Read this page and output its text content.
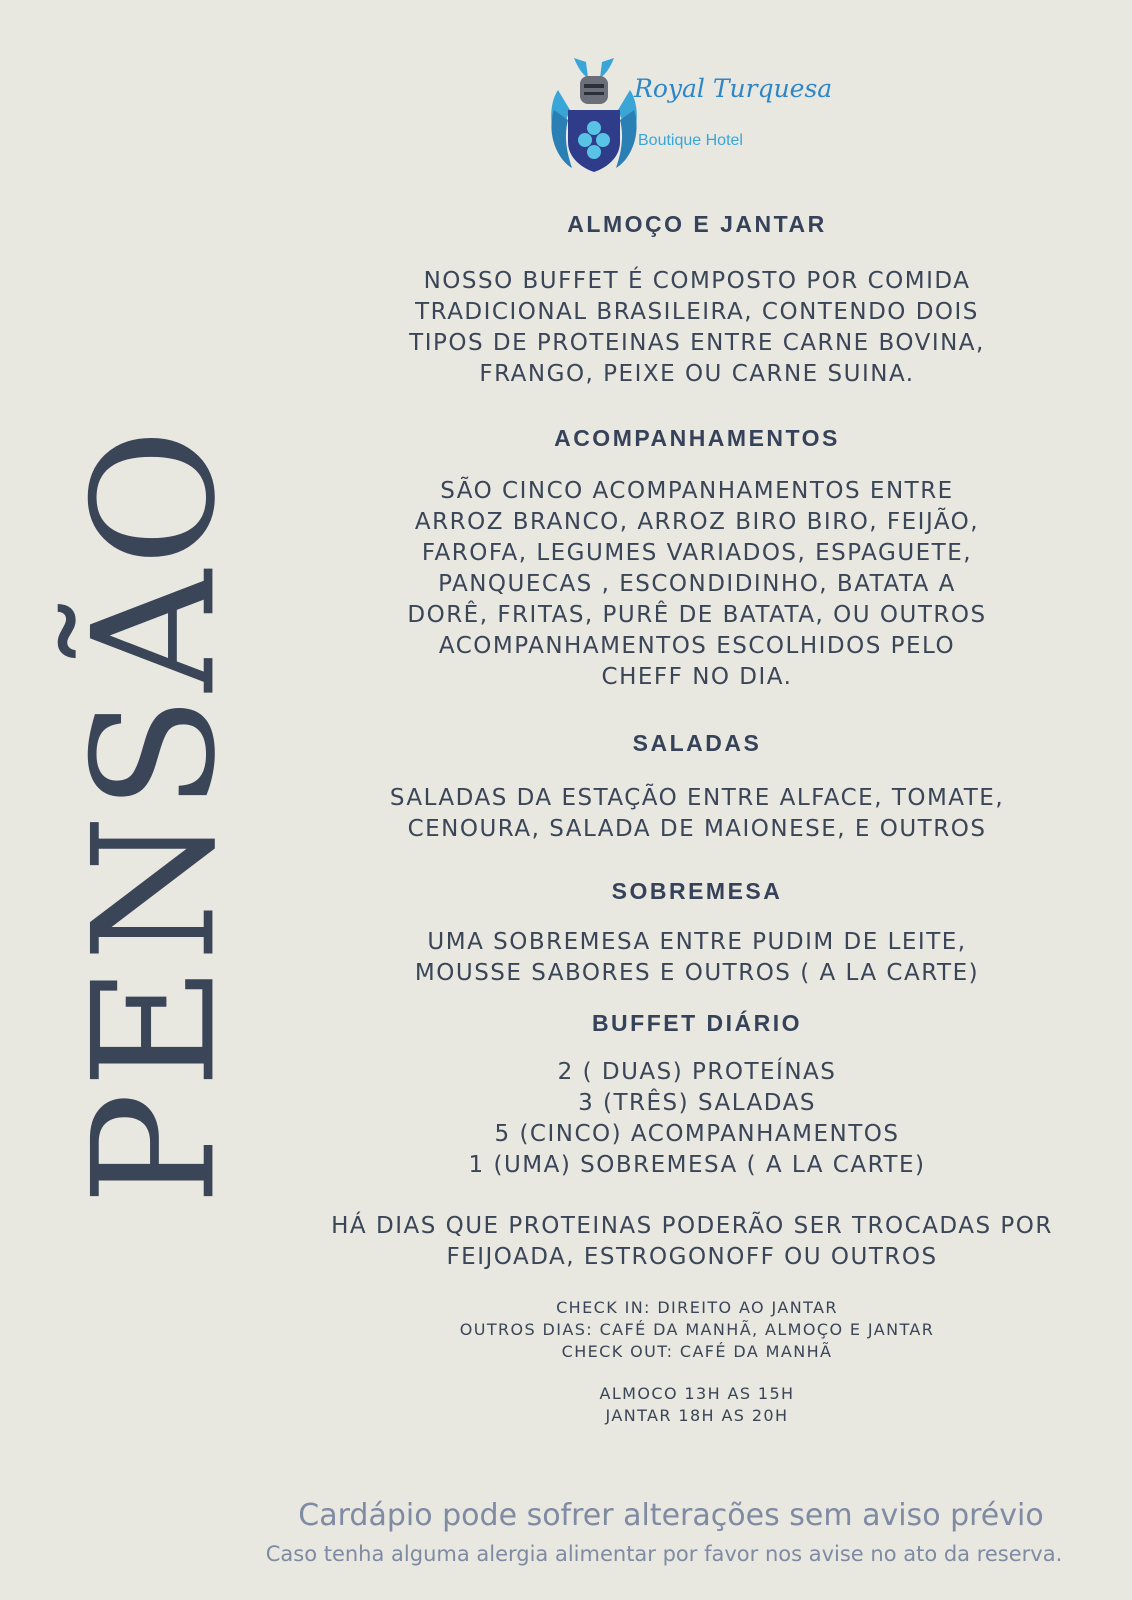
Royal Turquesa
Boutique Hotel
PENSÃO
ALMOÇO E JANTAR

NOSSO BUFFET É COMPOSTO POR COMIDA

TRADICIONAL BRASILEIRA, CONTENDO DOIS

TIPOS DE PROTEINAS ENTRE CARNE BOVINA,

FRANGO, PEIXE OU CARNE SUINA.

ACOMPANHAMENTOS

SÃO CINCO ACOMPANHAMENTOS ENTRE

ARROZ BRANCO, ARROZ BIRO BIRO, FEIJÃO,

FAROFA, LEGUMES VARIADOS, ESPAGUETE,

PANQUECAS , ESCONDIDINHO, BATATA A

DORÊ, FRITAS, PURÊ DE BATATA, OU OUTROS

ACOMPANHAMENTOS ESCOLHIDOS PELO

CHEFF NO DIA.

SALADAS

SALADAS DA ESTAÇÃO ENTRE ALFACE, TOMATE,

CENOURA, SALADA DE MAIONESE, E OUTROS

SOBREMESA

UMA SOBREMESA ENTRE PUDIM DE LEITE,

MOUSSE SABORES E OUTROS ( A LA CARTE)

BUFFET DIÁRIO

2 ( DUAS) PROTEÍNAS

3 (TRÊS) SALADAS

5 (CINCO) ACOMPANHAMENTOS

1 (UMA) SOBREMESA ( A LA CARTE)

HÁ DIAS QUE PROTEINAS PODERÃO SER TROCADAS POR

FEIJOADA, ESTROGONOFF OU OUTROS

CHECK IN: DIREITO AO JANTAR

OUTROS DIAS: CAFÉ DA MANHÃ, ALMOÇO E JANTAR

CHECK OUT: CAFÉ DA MANHÃ

ALMOCO 13H AS 15H

JANTAR 18H AS 20H

Cardápio pode sofrer alterações sem aviso prévio
Caso tenha alguma alergia alimentar por favor nos avise no ato da reserva.
